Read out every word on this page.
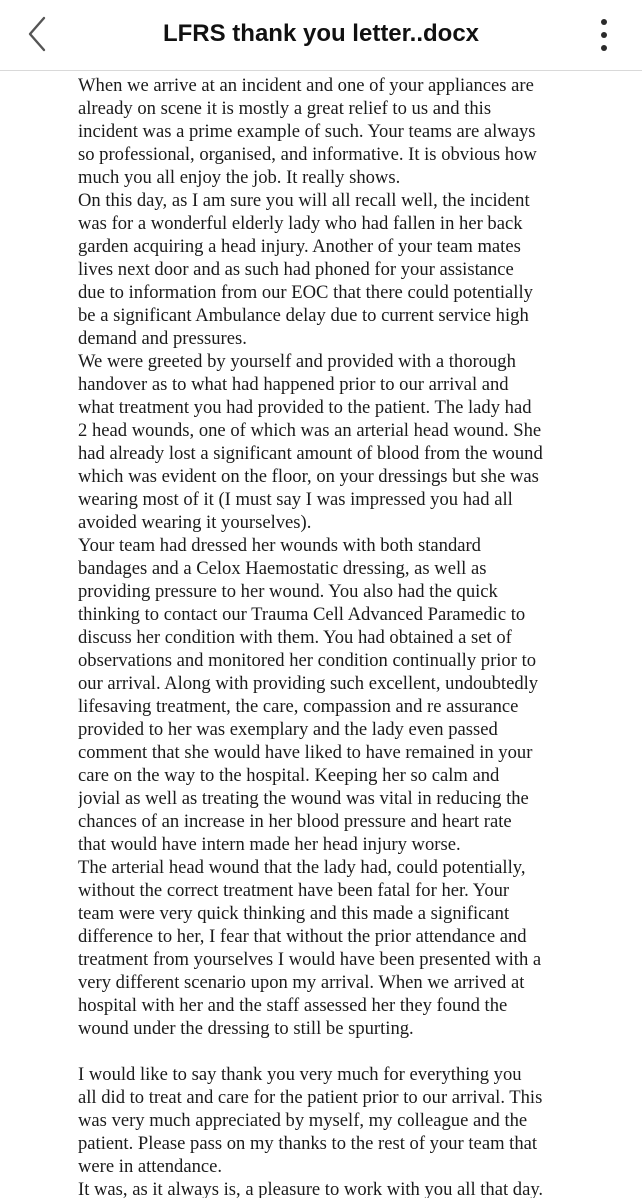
LFRS thank you letter..docx
When we arrive at an incident and one of your appliances are
already on scene it is mostly a great relief to us and this
incident was a prime example of such. Your teams are always
so professional, organised, and informative. It is obvious how
much you all enjoy the job. It really shows.
On this day, as I am sure you will all recall well, the incident
was for a wonderful elderly lady who had fallen in her back
garden acquiring a head injury. Another of your team mates
lives next door and as such had phoned for your assistance
due to information from our EOC that there could potentially
be a significant Ambulance delay due to current service high
demand and pressures.
We were greeted by yourself and provided with a thorough
handover as to what had happened prior to our arrival and
what treatment you had provided to the patient. The lady had
2 head wounds, one of which was an arterial head wound. She
had already lost a significant amount of blood from the wound
which was evident on the floor, on your dressings but she was
wearing most of it (I must say I was impressed you had all
avoided wearing it yourselves).
Your team had dressed her wounds with both standard
bandages and a Celox Haemostatic dressing, as well as
providing pressure to her wound. You also had the quick
thinking to contact our Trauma Cell Advanced Paramedic to
discuss her condition with them. You had obtained a set of
observations and monitored her condition continually prior to
our arrival. Along with providing such excellent, undoubtedly
lifesaving treatment, the care, compassion and re assurance
provided to her was exemplary and the lady even passed
comment that she would have liked to have remained in your
care on the way to the hospital. Keeping her so calm and
jovial as well as treating the wound was vital in reducing the
chances of an increase in her blood pressure and heart rate
that would have intern made her head injury worse.
The arterial head wound that the lady had, could potentially,
without the correct treatment have been fatal for her. Your
team were very quick thinking and this made a significant
difference to her, I fear that without the prior attendance and
treatment from yourselves I would have been presented with a
very different scenario upon my arrival. When we arrived at
hospital with her and the staff assessed her they found the
wound under the dressing to still be spurting.
I would like to say thank you very much for everything you
all did to treat and care for the patient prior to our arrival. This
was very much appreciated by myself, my colleague and the
patient. Please pass on my thanks to the rest of your team that
were in attendance.
It was, as it always is, a pleasure to work with you all that day.
